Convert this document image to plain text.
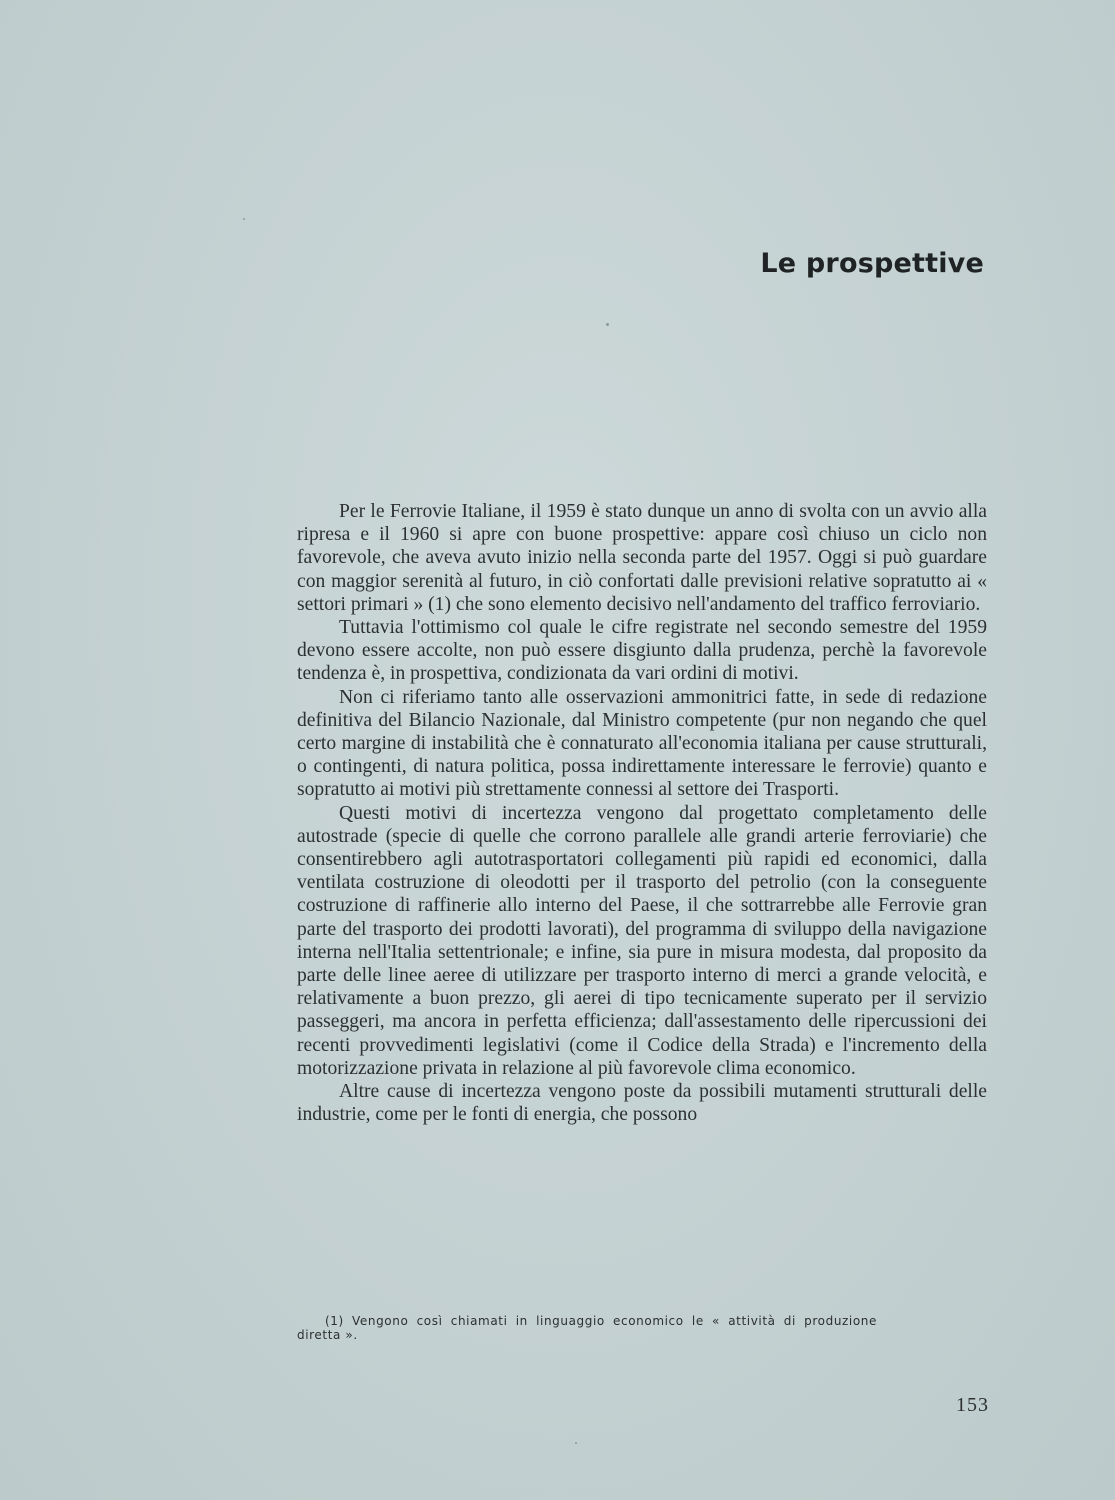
Le prospettive

Per le Ferrovie Italiane, il 1959 è stato dunque un anno di svolta con un avvio alla ripresa e il 1960 si apre con buone prospettive: appare così chiuso un ciclo non favorevole, che aveva avuto inizio nella seconda parte del 1957. Oggi si può guardare con maggior serenità al futuro, in ciò confortati dalle previsioni relative sopratutto ai « settori primari » (1) che sono elemento decisivo nell'andamento del traffico ferroviario.

Tuttavia l'ottimismo col quale le cifre registrate nel secondo semestre del 1959 devono essere accolte, non può essere disgiunto dalla prudenza, perchè la favorevole tendenza è, in prospettiva, condizionata da vari ordini di motivi.

Non ci riferiamo tanto alle osservazioni ammonitrici fatte, in sede di redazione definitiva del Bilancio Nazionale, dal Ministro competente (pur non negando che quel certo margine di instabilità che è connaturato all'economia italiana per cause strutturali, o contingenti, di natura politica, possa indirettamente interessare le ferrovie) quanto e sopratutto ai motivi più strettamente connessi al settore dei Trasporti.

Questi motivi di incertezza vengono dal progettato completamento delle autostrade (specie di quelle che corrono parallele alle grandi arterie ferroviarie) che consentirebbero agli autotrasportatori collegamenti più rapidi ed economici, dalla ventilata costruzione di oleodotti per il trasporto del petrolio (con la conseguente costruzione di raffinerie allo interno del Paese, il che sottrarrebbe alle Ferrovie gran parte del trasporto dei prodotti lavorati), del programma di sviluppo della navigazione interna nell'Italia settentrionale; e infine, sia pure in misura modesta, dal proposito da parte delle linee aeree di utilizzare per trasporto interno di merci a grande velocità, e relativamente a buon prezzo, gli aerei di tipo tecnicamente superato per il servizio passeggeri, ma ancora in perfetta efficienza; dall'assestamento delle ripercussioni dei recenti provvedimenti legislativi (come il Codice della Strada) e l'incremento della motorizzazione privata in relazione al più favorevole clima economico.

Altre cause di incertezza vengono poste da possibili mutamenti strutturali delle industrie, come per le fonti di energia, che possono

(1) Vengono così chiamati in linguaggio economico le « attività di produzione diretta ».
153
